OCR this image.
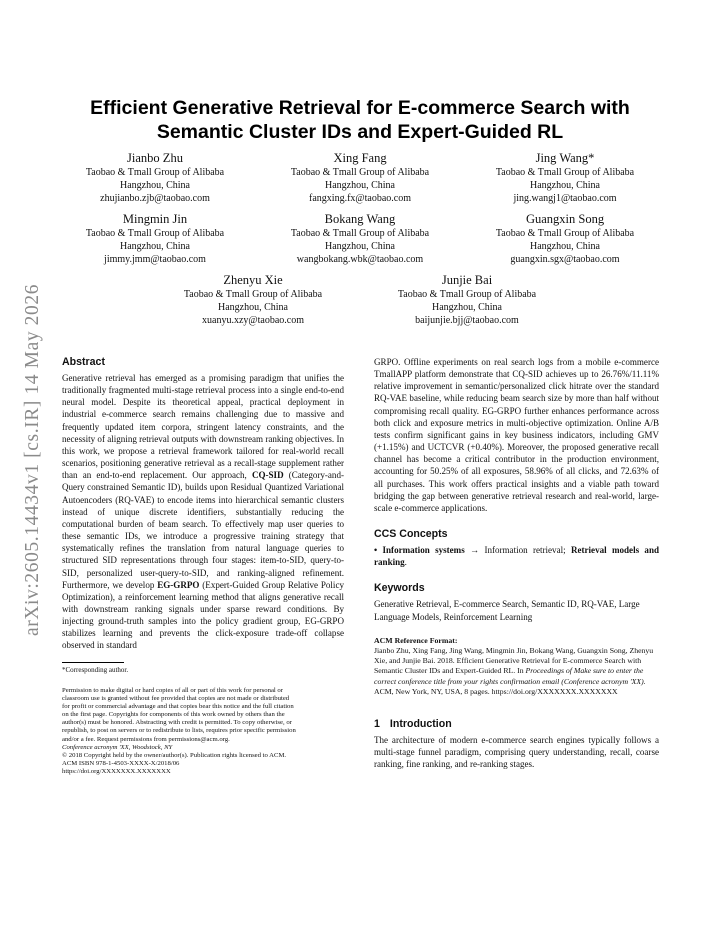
arXiv:2605.14434v1 [cs.IR] 14 May 2026
Efficient Generative Retrieval for E-commerce Search with
Semantic Cluster IDs and Expert-Guided RL
Jianbo Zhu
Taobao & Tmall Group of Alibaba
Hangzhou, China
zhujianbo.zjb@taobao.com
Xing Fang
Taobao & Tmall Group of Alibaba
Hangzhou, China
fangxing.fx@taobao.com
Jing Wang*
Taobao & Tmall Group of Alibaba
Hangzhou, China
jing.wangj1@taobao.com
Mingmin Jin
Taobao & Tmall Group of Alibaba
Hangzhou, China
jimmy.jmm@taobao.com
Bokang Wang
Taobao & Tmall Group of Alibaba
Hangzhou, China
wangbokang.wbk@taobao.com
Guangxin Song
Taobao & Tmall Group of Alibaba
Hangzhou, China
guangxin.sgx@taobao.com
Zhenyu Xie
Taobao & Tmall Group of Alibaba
Hangzhou, China
xuanyu.xzy@taobao.com
Junjie Bai
Taobao & Tmall Group of Alibaba
Hangzhou, China
baijunjie.bjj@taobao.com
Abstract

Generative retrieval has emerged as a promising paradigm that unifies the traditionally fragmented multi-stage retrieval process into a single end-to-end neural model. Despite its theoretical appeal, practical deployment in industrial e-commerce search remains challenging due to massive and frequently updated item corpora, stringent latency constraints, and the necessity of aligning retrieval outputs with downstream ranking objectives. In this work, we propose a retrieval framework tailored for real-world recall scenarios, positioning generative retrieval as a recall-stage supplement rather than an end-to-end replacement. Our approach, CQ-SID (Category-and-Query constrained Semantic ID), builds upon Residual Quantized Variational Autoencoders (RQ-VAE) to encode items into hierarchical semantic clusters instead of unique discrete identifiers, substantially reducing the computational burden of beam search. To effectively map user queries to these semantic IDs, we introduce a progressive training strategy that systematically refines the translation from natural language queries to structured SID representations through four stages: item-to-SID, query-to-SID, personalized user-query-to-SID, and ranking-aligned refinement. Furthermore, we develop EG-GRPO (Expert-Guided Group Relative Policy Optimization), a reinforcement learning method that aligns generative recall with downstream ranking signals under sparse reward conditions. By injecting ground-truth samples into the policy gradient group, EG-GRPO stabilizes learning and prevents the click-exposure trade-off collapse observed in standard

*Corresponding author.
Permission to make digital or hard copies of all or part of this work for personal or
classroom use is granted without fee provided that copies are not made or distributed
for profit or commercial advantage and that copies bear this notice and the full citation
on the first page. Copyrights for components of this work owned by others than the
author(s) must be honored. Abstracting with credit is permitted. To copy otherwise, or
republish, to post on servers or to redistribute to lists, requires prior specific permission
and/or a fee. Request permissions from permissions@acm.org.
Conference acronym 'XX, Woodstock, NY
© 2018 Copyright held by the owner/author(s). Publication rights licensed to ACM.
ACM ISBN 978-1-4503-XXXX-X/2018/06
https://doi.org/XXXXXXX.XXXXXXX

GRPO. Offline experiments on real search logs from a mobile e-commerce TmallAPP platform demonstrate that CQ-SID achieves up to 26.76%/11.11% relative improvement in semantic/personalized click hitrate over the standard RQ-VAE baseline, while reducing beam search size by more than half without compromising recall quality. EG-GRPO further enhances performance across both click and exposure metrics in multi-objective optimization. Online A/B tests confirm significant gains in key business indicators, including GMV (+1.15%) and UCTCVR (+0.40%). Moreover, the proposed generative recall channel has become a critical contributor in the production environment, accounting for 50.25% of all exposures, 58.96% of all clicks, and 72.63% of all purchases. This work offers practical insights and a viable path toward bridging the gap between generative retrieval research and real-world, large-scale e-commerce applications.

CCS Concepts

• Information systems → Information retrieval; Retrieval models and ranking.

Keywords

Generative Retrieval, E-commerce Search, Semantic ID, RQ-VAE, Large Language Models, Reinforcement Learning

ACM Reference Format:
Jianbo Zhu, Xing Fang, Jing Wang, Mingmin Jin, Bokang Wang, Guangxin Song, Zhenyu Xie, and Junjie Bai. 2018. Efficient Generative Retrieval for E-commerce Search with Semantic Cluster IDs and Expert-Guided RL. In Proceedings of Make sure to enter the correct conference title from your rights confirmation email (Conference acronym 'XX). ACM, New York, NY, USA, 8 pages. https://doi.org/XXXXXXX.XXXXXXX
1 Introduction

The architecture of modern e-commerce search engines typically follows a multi-stage funnel paradigm, comprising query understanding, recall, coarse ranking, fine ranking, and re-ranking stages.
